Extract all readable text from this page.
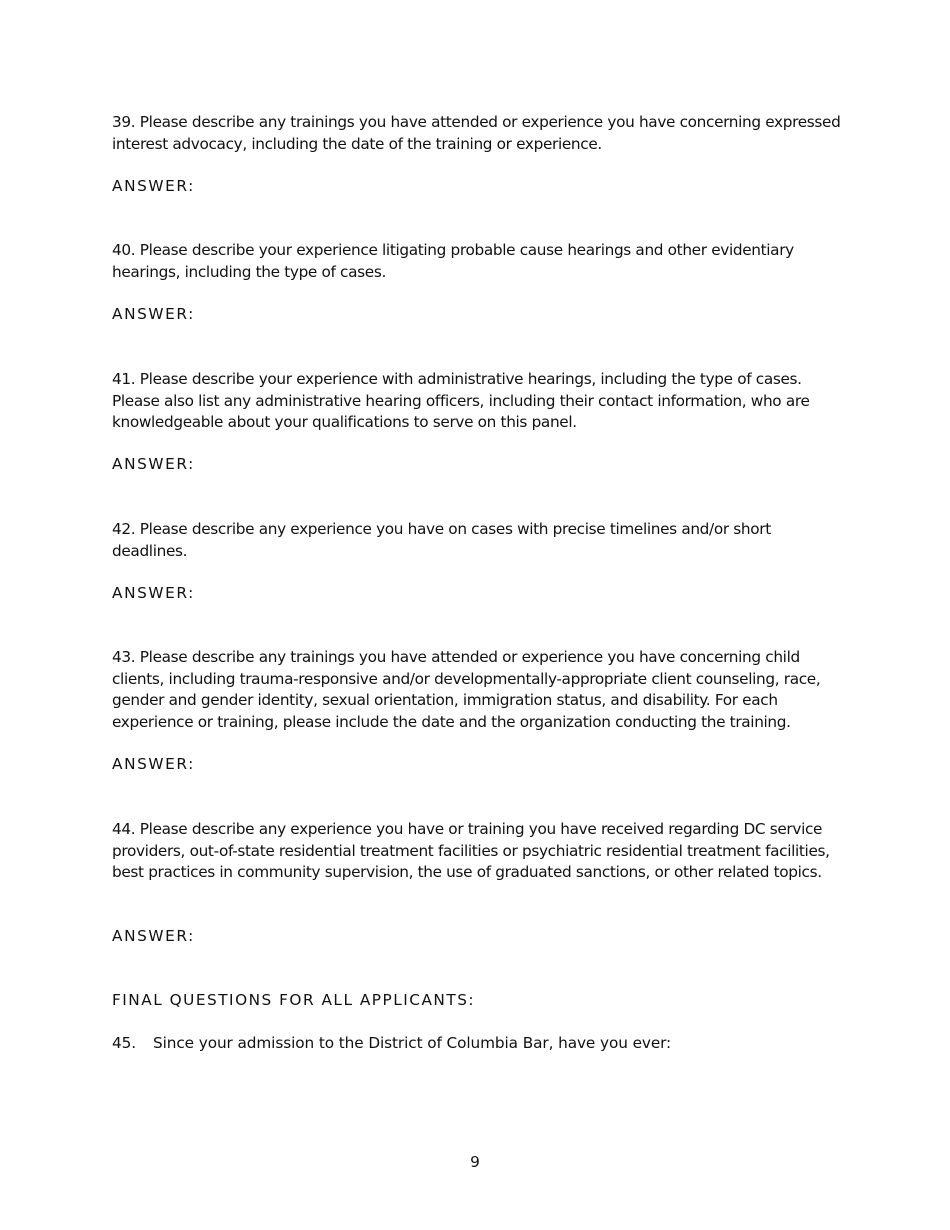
39. Please describe any trainings you have attended or experience you have concerning expressed interest advocacy, including the date of the training or experience.
ANSWER:
40. Please describe your experience litigating probable cause hearings and other evidentiary hearings, including the type of cases.
ANSWER:
41. Please describe your experience with administrative hearings, including the type of cases. Please also list any administrative hearing officers, including their contact information, who are knowledgeable about your qualifications to serve on this panel.
ANSWER:
42. Please describe any experience you have on cases with precise timelines and/or short deadlines.
ANSWER:
43. Please describe any trainings you have attended or experience you have concerning child clients, including trauma-responsive and/or developmentally-appropriate client counseling, race, gender and gender identity, sexual orientation, immigration status, and disability. For each experience or training, please include the date and the organization conducting the training.
ANSWER:
44. Please describe any experience you have or training you have received regarding DC service providers, out-of-state residential treatment facilities or psychiatric residential treatment facilities, best practices in community supervision, the use of graduated sanctions, or other related topics.
ANSWER:
FINAL QUESTIONS FOR ALL APPLICANTS:
45. Since your admission to the District of Columbia Bar, have you ever:
9
